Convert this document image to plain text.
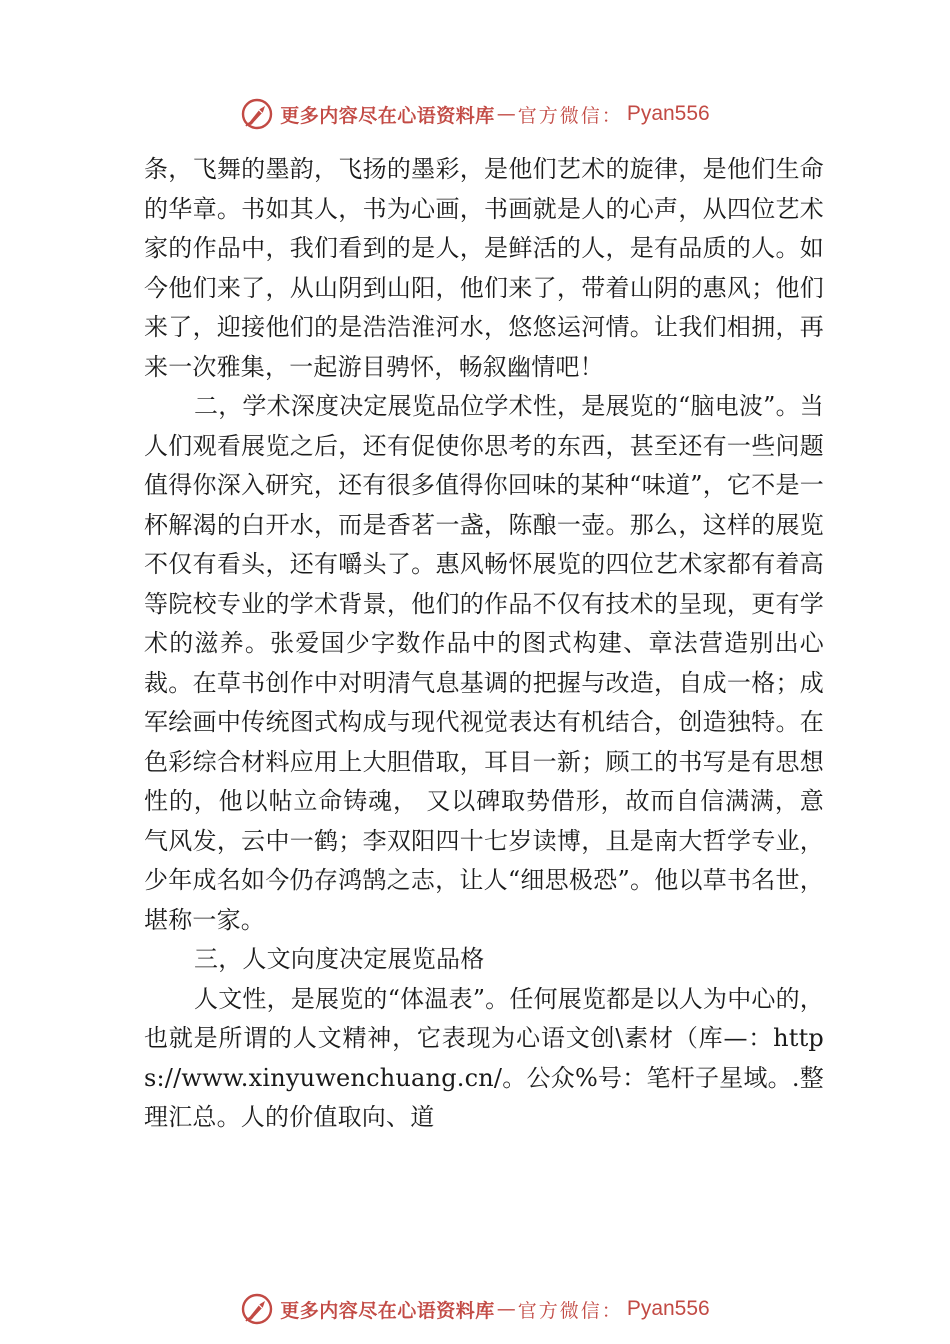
更多内容尽在心语资料库 — 官方微信： Pyan556

条，飞舞的墨韵，飞扬的墨彩，是他们艺术的旋律，是他们生命的华章。书如其人，书为心画，书画就是人的心声，从四位艺术家的作品中，我们看到的是人，是鲜活的人，是有品质的人。如今他们来了，从山阴到山阳，他们来了，带着山阴的惠风；他们来了，迎接他们的是浩浩淮河水，悠悠运河情。让我们相拥，再来一次雅集，一起游目骋怀，畅叙幽情吧！

二，学术深度决定展览品位学术性，是展览的“脑电波”。当人们观看展览之后，还有促使你思考的东西，甚至还有一些问题值得你深入研究，还有很多值得你回味的某种“味道”，它不是一杯解渴的白开水，而是香茗一盏，陈酿一壶。那么，这样的展览不仅有看头，还有嚼头了。惠风畅怀展览的四位艺术家都有着高等院校专业的学术背景，他们的作品不仅有技术的呈现，更有学术的滋养。张爱国少字数作品中的图式构建、章法营造别出心裁。在草书创作中对明清气息基调的把握与改造，自成一格；成军绘画中传统图式构成与现代视觉表达有机结合，创造独特。在色彩综合材料应用上大胆借取，耳目一新；顾工的书写是有思想性的，他以帖立命铸魂， 又以碑取势借形，故而自信满满，意气风发，云中一鹤；李双阳四十七岁读博，且是南大哲学专业，少年成名如今仍存鸿鹄之志，让人“细思极恐”。他以草书名世，堪称一家。

三，人文向度决定展览品格

人文性，是展览的“体温表”。任何展览都是以人为中心的，也就是所谓的人文精神，它表现为心语文创\素材（库—：https://www.xinyuwenchuang.cn/。公众%号：笔杆子星域。.整理汇总。人的价值取向、道

更多内容尽在心语资料库 — 官方微信： Pyan556
